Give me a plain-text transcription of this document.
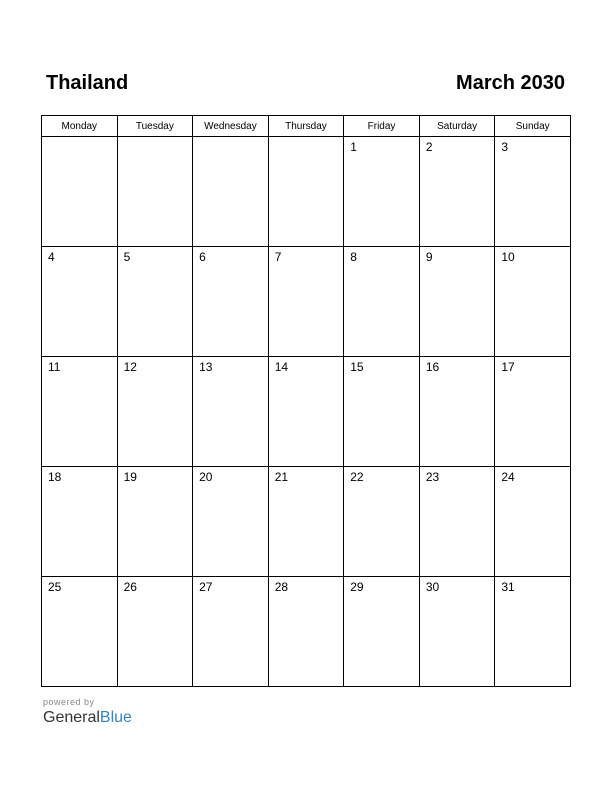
Thailand	March 2030
Monday	Tuesday	Wednesday	Thursday	Friday	Saturday	Sunday

				1	2	3

4	5	6	7	8	9	10

11	12	13	14	15	16	17

18	19	20	21	22	23	24

25	26	27	28	29	30	31
powered by
GeneralBlue
